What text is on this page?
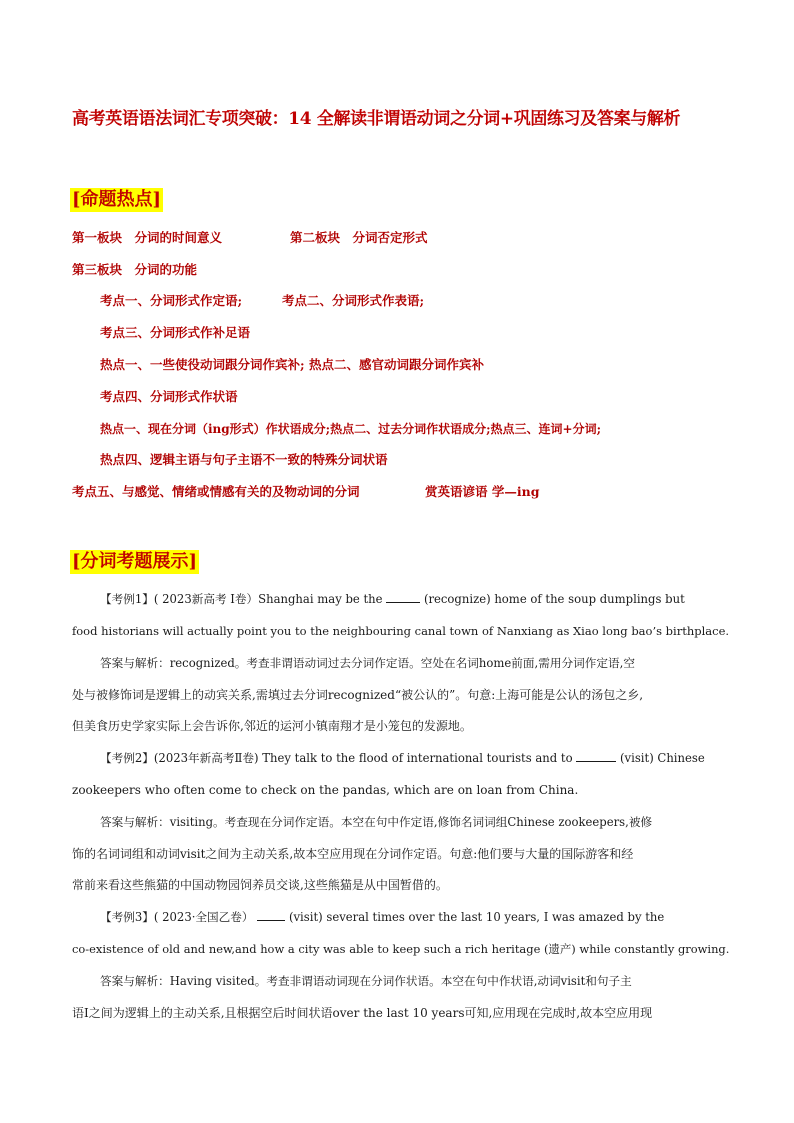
高考英语语法词汇专项突破：14 全解读非谓语动词之分词+巩固练习及答案与解析
[命题热点]
第一板块　分词的时间意义	第二板块　分词否定形式
第三板块　分词的功能
考点一、分词形式作定语;	考点二、分词形式作表语;
考点三、分词形式作补足语
热点一、一些使役动词跟分词作宾补; 热点二、感官动词跟分词作宾补
考点四、分词形式作状语
热点一、现在分词（ing形式）作状语成分;热点二、过去分词作状语成分;热点三、连词+分词;
热点四、逻辑主语与句子主语不一致的特殊分词状语
考点五、与感觉、情绪或情感有关的及物动词的分词	赏英语谚语 学—ing
[分词考题展示]
【考例1】( 2023新高考 I卷）Shanghai may be the	(recognize) home of the soup dumplings but
food historians will actually point you to the neighbouring canal town of Nanxiang as Xiao long bao’s birthplace.
答案与解析：recognized。考查非谓语动词过去分词作定语。空处在名词home前面,需用分词作定语,空
处与被修饰词是逻辑上的动宾关系,需填过去分词recognized“被公认的”。句意:上海可能是公认的汤包之乡,
但美食历史学家实际上会告诉你,邻近的运河小镇南翔才是小笼包的发源地。
【考例2】(2023年新高考Ⅱ卷) They talk to the flood of international tourists and to	(visit) Chinese
zookeepers who often come to check on the pandas, which are on loan from China.
答案与解析：visiting。考查现在分词作定语。本空在句中作定语,修饰名词词组Chinese zookeepers,被修
饰的名词词组和动词visit之间为主动关系,故本空应用现在分词作定语。句意:他们要与大量的国际游客和经
常前来看这些熊猫的中国动物园饲养员交谈,这些熊猫是从中国暂借的。
【考例3】( 2023·全国乙卷）	(visit) several times over the last 10 years, I was amazed by the
co-existence of old and new,and how a city was able to keep such a rich heritage (遗产) while constantly growing.
答案与解析：Having visited。考查非谓语动词现在分词作状语。本空在句中作状语,动词visit和句子主
语I之间为逻辑上的主动关系,且根据空后时间状语over the last 10 years可知,应用现在完成时,故本空应用现
